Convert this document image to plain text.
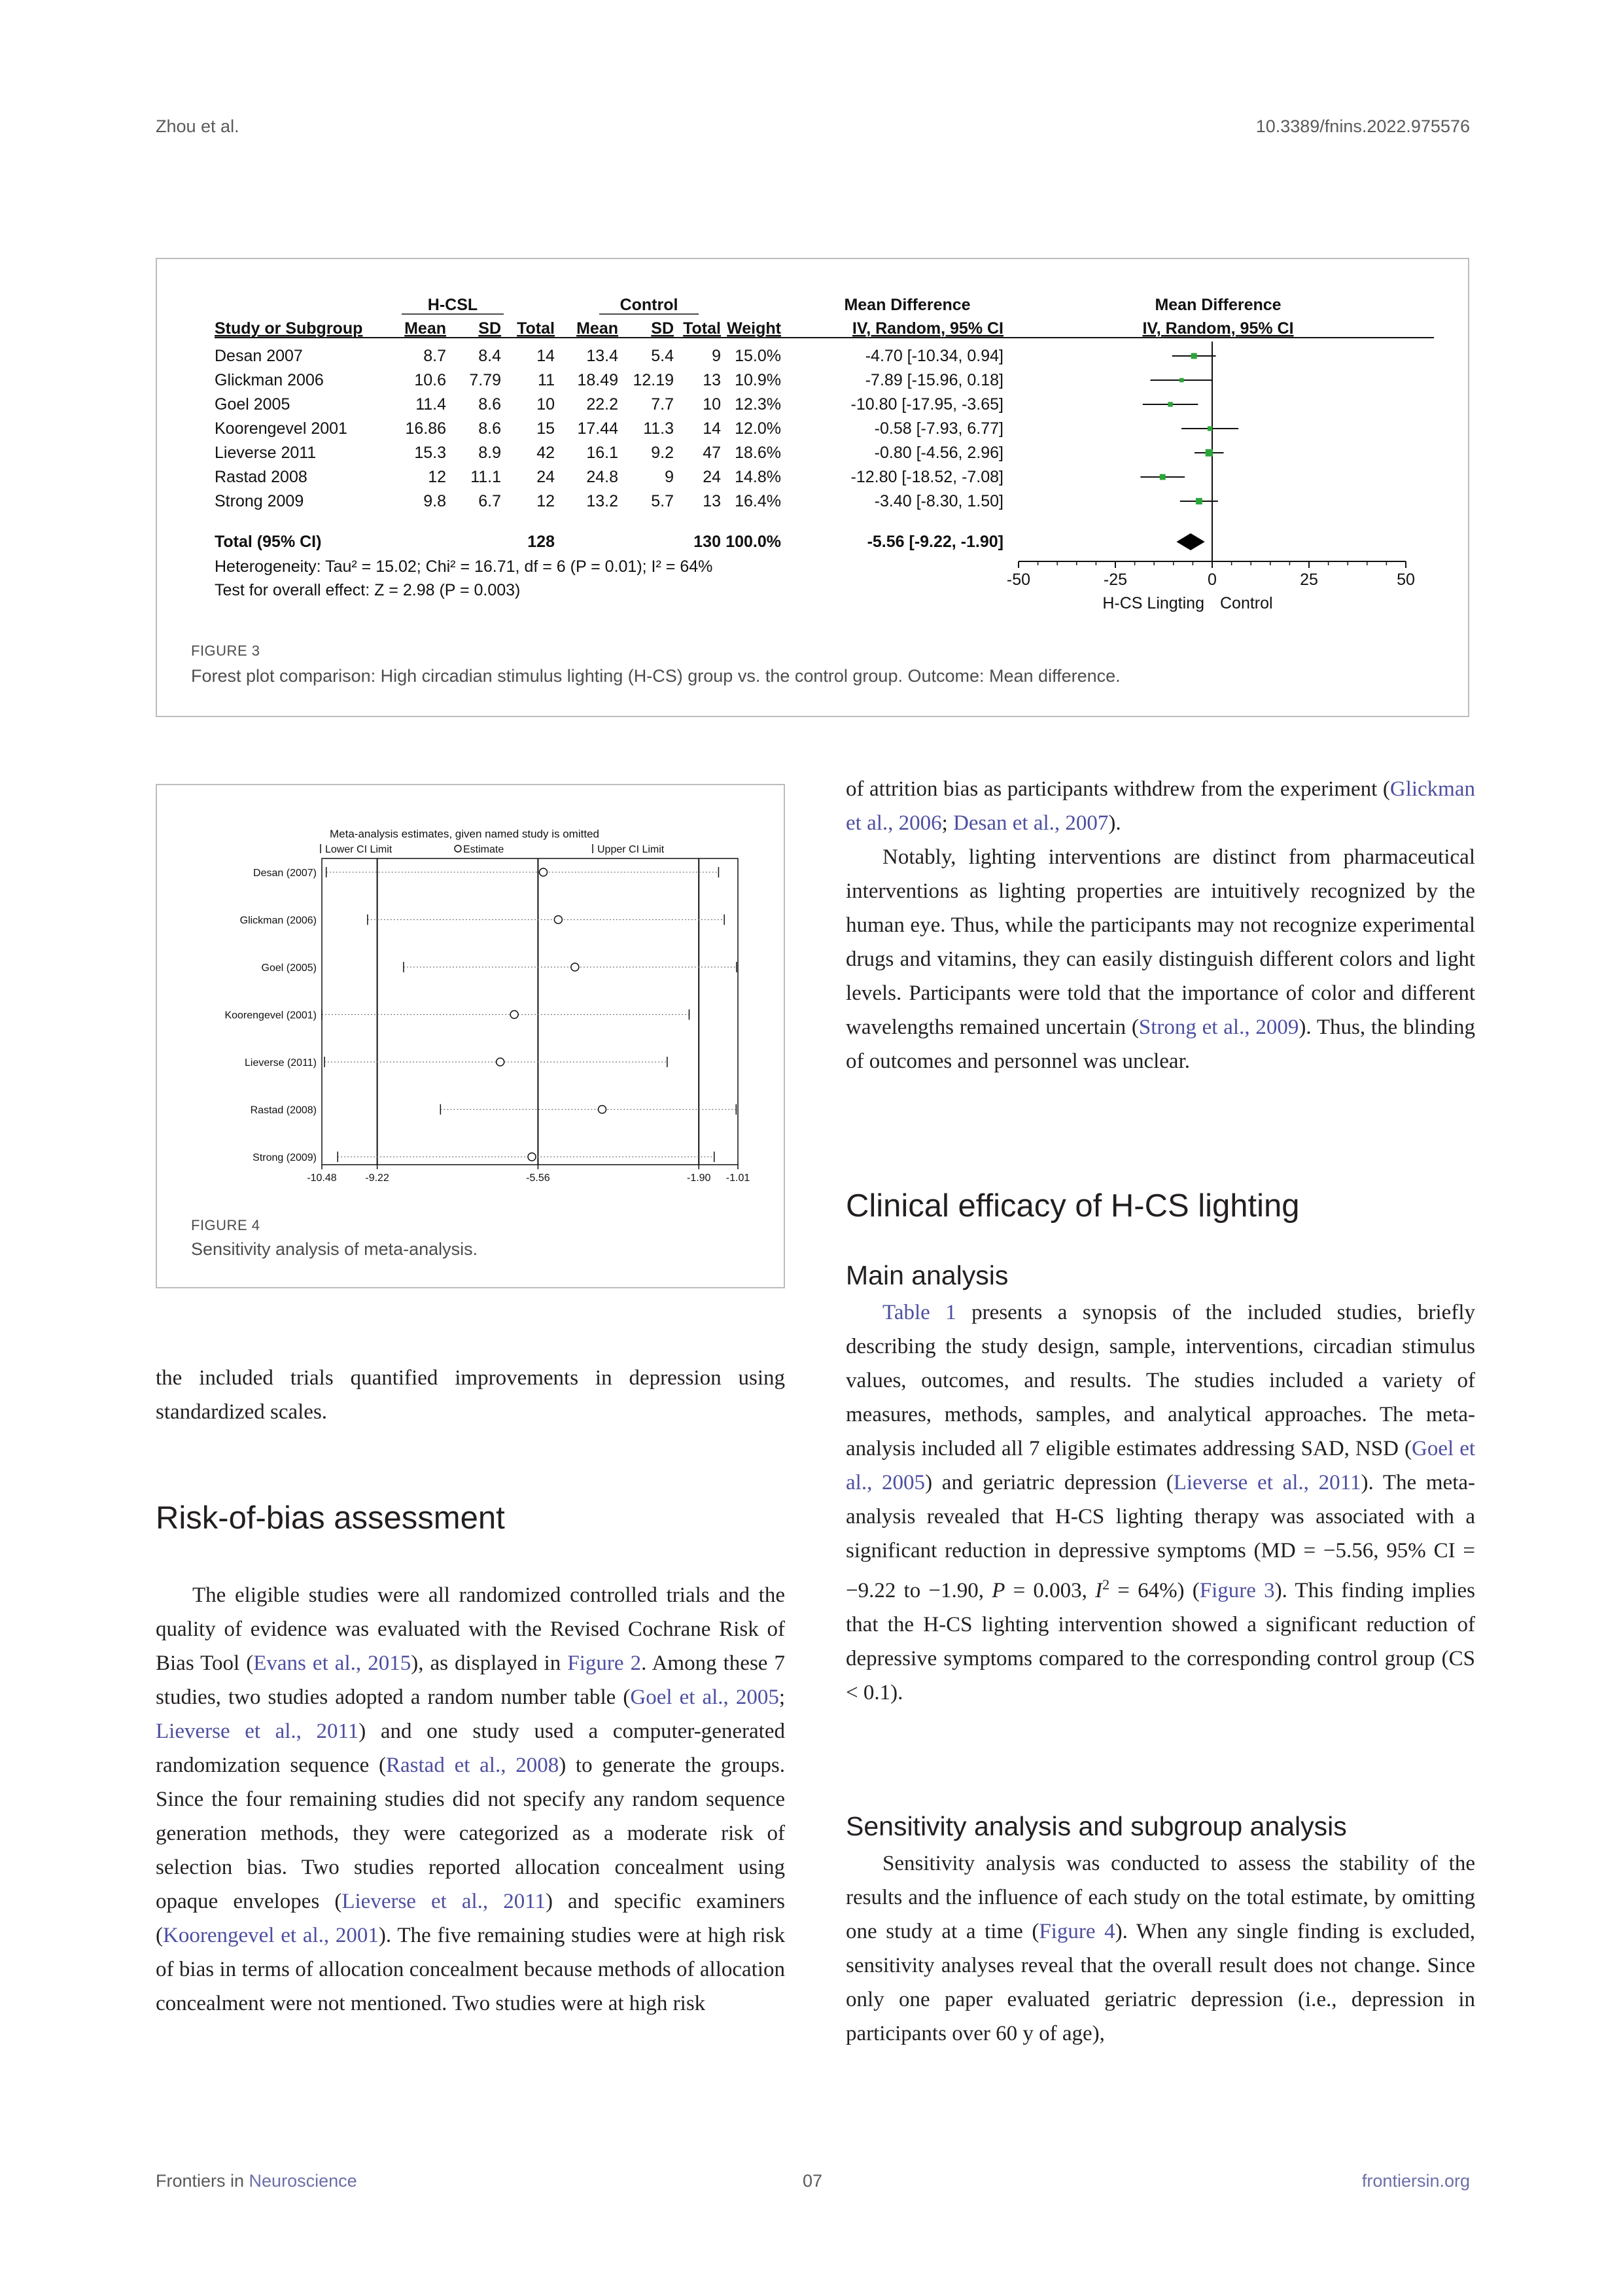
Zhou et al.	10.3389/fnins.2022.975576
H-CSL	Control	Mean Difference	Mean Difference
Study or Subgroup	Mean SD Total Mean SD Total Weight	IV, Random, 95% CI	IV, Random, 95% CI
Desan 2007	8.7 8.4 14 13.4 5.4 9 15.0%	-4.70 [-10.34, 0.94]
Glickman 2006	10.6 7.79 11 18.49 12.19 13 10.9%	-7.89 [-15.96, 0.18]
Goel 2005	11.4 8.6 10 22.2 7.7 10 12.3%	-10.80 [-17.95, -3.65]
Koorengevel 2001	16.86 8.6 15 17.44 11.3 14 12.0%	-0.58 [-7.93, 6.77]
Lieverse 2011	15.3 8.9 42 16.1 9.2 47 18.6%	-0.80 [-4.56, 2.96]
Rastad 2008	12 11.1 24 24.8	9 24 14.8%	-12.80 [-18.52, -7.08]
Strong 2009	9.8 6.7 12 13.2 5.7 13 16.4%	-3.40 [-8.30, 1.50]
Total (95% CI)	128	130 100.0%	-5.56 [-9.22, -1.90]
Heterogeneity: Tau² = 15.02; Chi² = 16.71, df = 6 (P = 0.01); I² = 64%
Test for overall effect: Z = 2.98 (P = 0.003)
-50	-25	0	25	50
H-CS Lingting Control
FIGURE 3
Forest plot comparison: High circadian stimulus lighting (H-CS) group vs. the control group. Outcome: Mean difference.
Meta-analysis estimates, given named study is omitted
Lower CI Limit	Estimate	Upper CI Limit
Desan (2007)
Glickman (2006)
Goel (2005)
Koorengevel (2001)
Lieverse (2011)
Rastad (2008)
Strong (2009)
-10.48	-9.22	-5.56	-1.90 -1.01
FIGURE 4
Sensitivity analysis of meta-analysis.

the included trials quantified improvements in depression using standardized scales.

Risk-of-bias assessment

The eligible studies were all randomized controlled trials and the quality of evidence was evaluated with the Revised Cochrane Risk of Bias Tool (Evans et al., 2015), as displayed in Figure 2. Among these 7 studies, two studies adopted a random number table (Goel et al., 2005; Lieverse et al., 2011) and one study used a computer-generated randomization sequence (Rastad et al., 2008) to generate the groups. Since the four remaining studies did not specify any random sequence generation methods, they were categorized as a moderate risk of selection bias. Two studies reported allocation concealment using opaque envelopes (Lieverse et al., 2011) and specific examiners (Koorengevel et al., 2001). The five remaining studies were at high risk of bias in terms of allocation concealment because methods of allocation concealment were not mentioned. Two studies were at high risk

of attrition bias as participants withdrew from the experiment (Glickman et al., 2006; Desan et al., 2007).

Notably, lighting interventions are distinct from pharmaceutical interventions as lighting properties are intuitively recognized by the human eye. Thus, while the participants may not recognize experimental drugs and vitamins, they can easily distinguish different colors and light levels. Participants were told that the importance of color and different wavelengths remained uncertain (Strong et al., 2009). Thus, the blinding of outcomes and personnel was unclear.

Clinical efficacy of H-CS lighting
Main analysis

Table 1 presents a synopsis of the included studies, briefly describing the study design, sample, interventions, circadian stimulus values, outcomes, and results. The studies included a variety of measures, methods, samples, and analytical approaches. The meta-analysis included all 7 eligible estimates addressing SAD, NSD (Goel et al., 2005) and geriatric depression (Lieverse et al., 2011). The meta-analysis revealed that H-CS lighting therapy was associated with a significant reduction in depressive symptoms (MD = −5.56, 95% CI = −9.22 to −1.90, P = 0.003, $I^2 = 64\%$) (Figure 3). This finding implies that the H-CS lighting intervention showed a significant reduction of depressive symptoms compared to the corresponding control group (CS < 0.1).

Sensitivity analysis and subgroup analysis

Sensitivity analysis was conducted to assess the stability of the results and the influence of each study on the total estimate, by omitting one study at a time (Figure 4). When any single finding is excluded, sensitivity analyses reveal that the overall result does not change. Since only one paper evaluated geriatric depression (i.e., depression in participants over 60 y of age),

Frontiers in Neuroscience	07	frontiersin.org
